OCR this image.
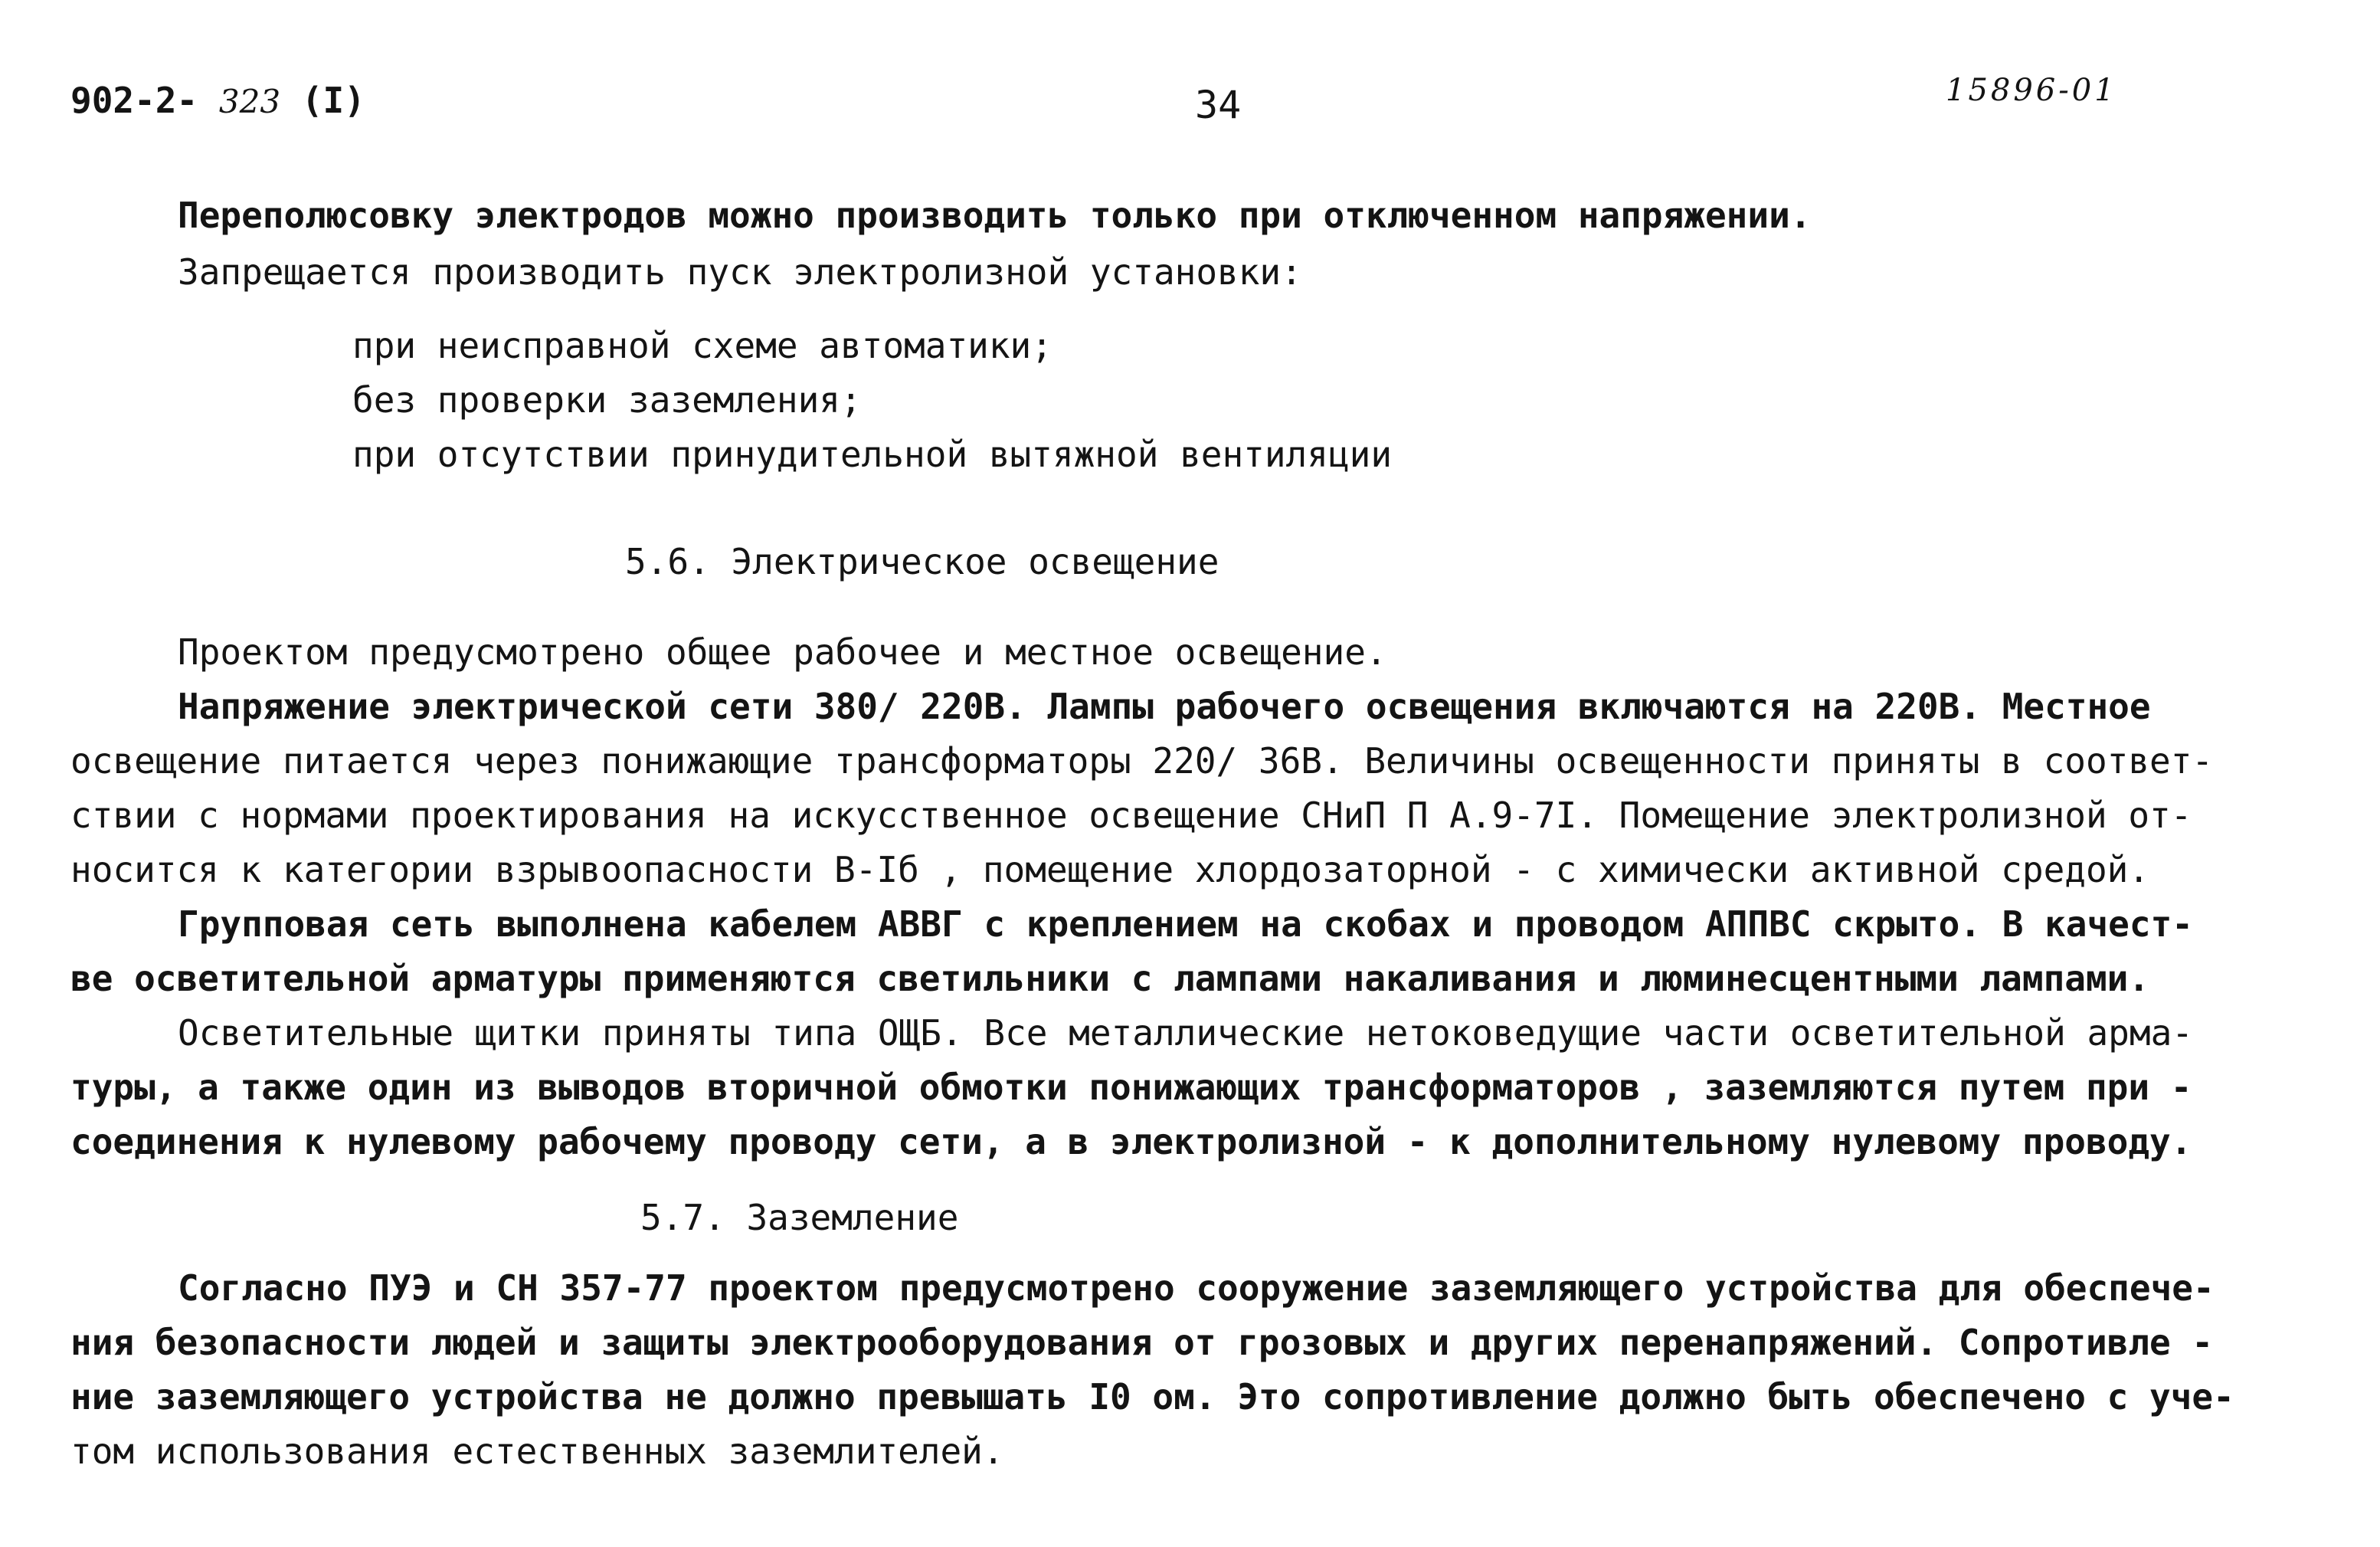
902-2- 323 (I)	34	15896-01
Переполюсовку электродов можно производить только при отключенном напряжении.
Запрещается производить пуск электролизной установки:
при неисправной схеме автоматики;
без проверки заземления;
при отсутствии принудительной вытяжной вентиляции
5.6. Электрическое освещение
Проектом предусмотрено общее рабочее и местное освещение.
Напряжение электрической сети 380/ 220В. Лампы рабочего освещения включаются на 220В. Местное
освещение питается через понижающие трансформаторы 220/ 36В. Величины освещенности приняты в соответ-
ствии с нормами проектирования на искусственное освещение СНиП П А.9-7I. Помещение электролизной от-
носится к категории взрывоопасности В-Iб , помещение хлордозаторной - с химически активной средой.
Групповая сеть выполнена кабелем АВВГ с креплением на скобах и проводом АППВС скрыто. В качест-
ве осветительной арматуры применяются светильники с лампами накаливания и люминесцентными лампами.
Осветительные щитки приняты типа ОЩБ. Все металлические нетоковедущие части осветительной арма-
туры, а также один из выводов вторичной обмотки понижающих трансформаторов , заземляются путем при -
соединения к нулевому рабочему проводу сети, а в электролизной - к дополнительному нулевому проводу.
5.7. Заземление
Согласно ПУЭ и СН 357-77 проектом предусмотрено сооружение заземляющего устройства для обеспече-
ния безопасности людей и защиты электрооборудования от грозовых и других перенапряжений. Сопротивле -
ние заземляющего устройства не должно превышать I0 ом. Это сопротивление должно быть обеспечено с уче-
том использования естественных заземлителей.
